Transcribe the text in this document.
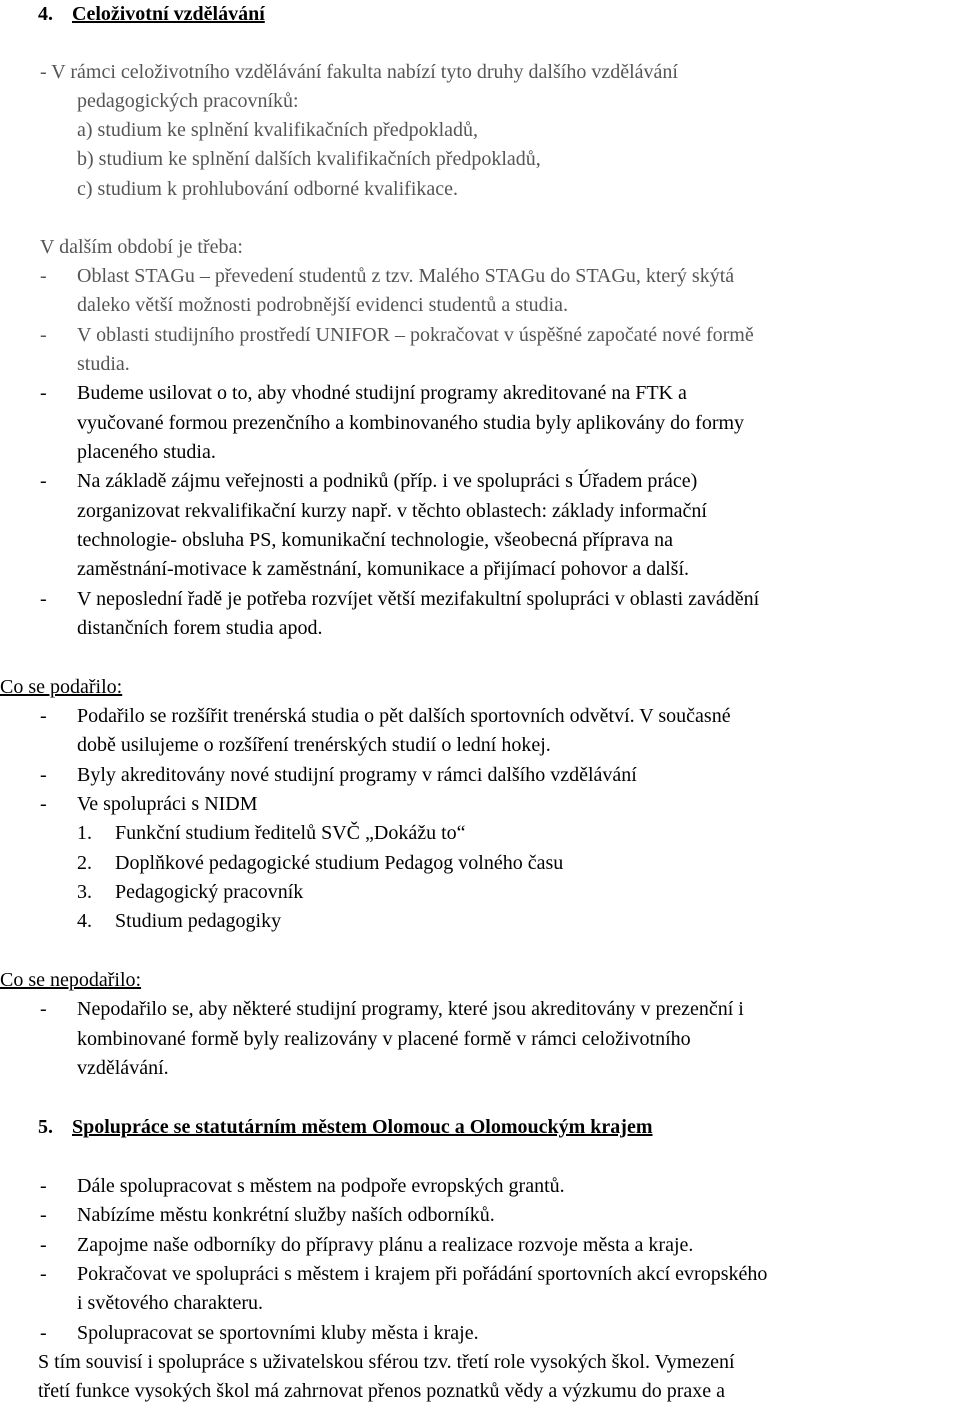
4. Celoživotní vzdělávání
- V rámci celoživotního vzdělávání fakulta nabízí tyto druhy dalšího vzdělávání
pedagogických pracovníků:
a) studium ke splnění kvalifikačních předpokladů,
b) studium ke splnění dalších kvalifikačních předpokladů,
c) studium k prohlubování odborné kvalifikace.
V dalším období je třeba:
- Oblast STAGu – převedení studentů z tzv. Malého STAGu do STAGu, který skýtá
daleko větší možnosti podrobnější evidenci studentů a studia.
- V oblasti studijního prostředí UNIFOR – pokračovat v úspěšné započaté nové formě
studia.
- Budeme usilovat o to, aby vhodné studijní programy akreditované na FTK a
vyučované formou prezenčního a kombinovaného studia byly aplikovány do formy
placeného studia.
- Na základě zájmu veřejnosti a podniků (příp. i ve spolupráci s Úřadem práce)
zorganizovat rekvalifikační kurzy např. v těchto oblastech: základy informační
technologie- obsluha PS, komunikační technologie, všeobecná příprava na
zaměstnání-motivace k zaměstnání, komunikace a přijímací pohovor a další.
- V neposlední řadě je potřeba rozvíjet větší mezifakultní spolupráci v oblasti zavádění
distančních forem studia apod.
Co se podařilo:
- Podařilo se rozšířit trenérská studia o pět dalších sportovních odvětví. V současné
době usilujeme o rozšíření trenérských studií o lední hokej.
- Byly akreditovány nové studijní programy v rámci dalšího vzdělávání
- Ve spolupráci s NIDM
1. Funkční studium ředitelů SVČ „Dokážu to“
2. Doplňkové pedagogické studium Pedagog volného času
3. Pedagogický pracovník
4. Studium pedagogiky
Co se nepodařilo:
- Nepodařilo se, aby některé studijní programy, které jsou akreditovány v prezenční i
kombinované formě byly realizovány v placené formě v rámci celoživotního
vzdělávání.
5. Spolupráce se statutárním městem Olomouc a Olomouckým krajem
- Dále spolupracovat s městem na podpoře evropských grantů.
- Nabízíme městu konkrétní služby naších odborníků.
- Zapojme naše odborníky do přípravy plánu a realizace rozvoje města a kraje.
- Pokračovat ve spolupráci s městem i krajem při pořádání sportovních akcí evropského
i světového charakteru.
- Spolupracovat se sportovními kluby města i kraje.
S tím souvisí i spolupráce s uživatelskou sférou tzv. třetí role vysokých škol. Vymezení
třetí funkce vysokých škol má zahrnovat přenos poznatků vědy a výzkumu do praxe a
